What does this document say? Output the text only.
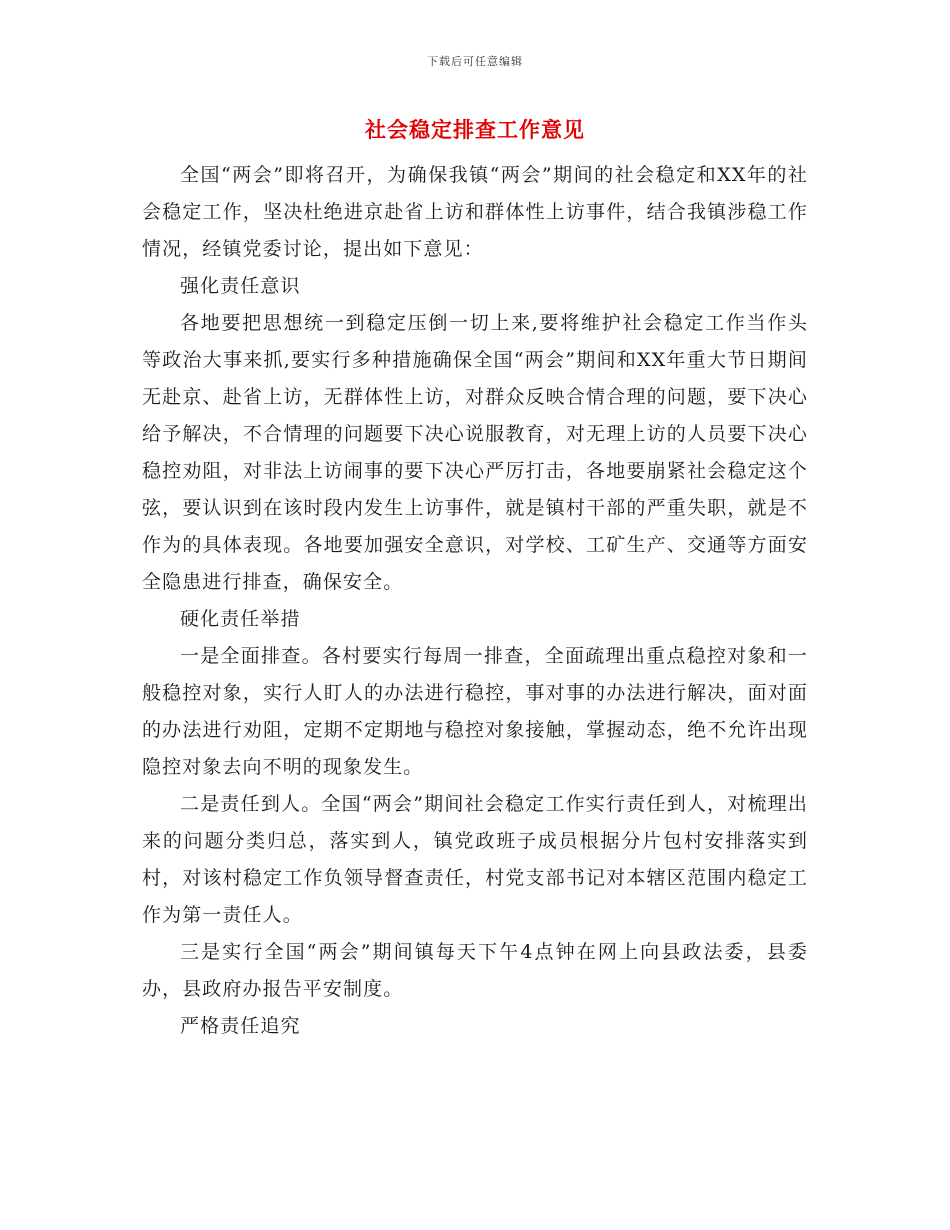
下载后可任意编辑
社会稳定排查工作意见

全国“两会”即将召开，为确保我镇“两会”期间的社会稳定和XX年的社会稳定工作，坚决杜绝进京赴省上访和群体性上访事件，结合我镇涉稳工作情况，经镇党委讨论，提出如下意见：

强化责任意识

各地要把思想统一到稳定压倒一切上来,要将维护社会稳定工作当作头等政治大事来抓,要实行多种措施确保全国“两会”期间和XX年重大节日期间无赴京、赴省上访，无群体性上访，对群众反映合情合理的问题，要下决心给予解决，不合情理的问题要下决心说服教育，对无理上访的人员要下决心稳控劝阻，对非法上访闹事的要下决心严厉打击，各地要崩紧社会稳定这个弦，要认识到在该时段内发生上访事件，就是镇村干部的严重失职，就是不作为的具体表现。各地要加强安全意识，对学校、工矿生产、交通等方面安全隐患进行排查，确保安全。

硬化责任举措

一是全面排查。各村要实行每周一排查，全面疏理出重点稳控对象和一般稳控对象，实行人盯人的办法进行稳控，事对事的办法进行解决，面对面的办法进行劝阻，定期不定期地与稳控对象接触，掌握动态，绝不允许出现隐控对象去向不明的现象发生。

二是责任到人。全国“两会”期间社会稳定工作实行责任到人，对梳理出来的问题分类归总，落实到人，镇党政班子成员根据分片包村安排落实到村，对该村稳定工作负领导督查责任，村党支部书记对本辖区范围内稳定工作为第一责任人。

三是实行全国“两会”期间镇每天下午4点钟在网上向县政法委，县委办，县政府办报告平安制度。

严格责任追究
